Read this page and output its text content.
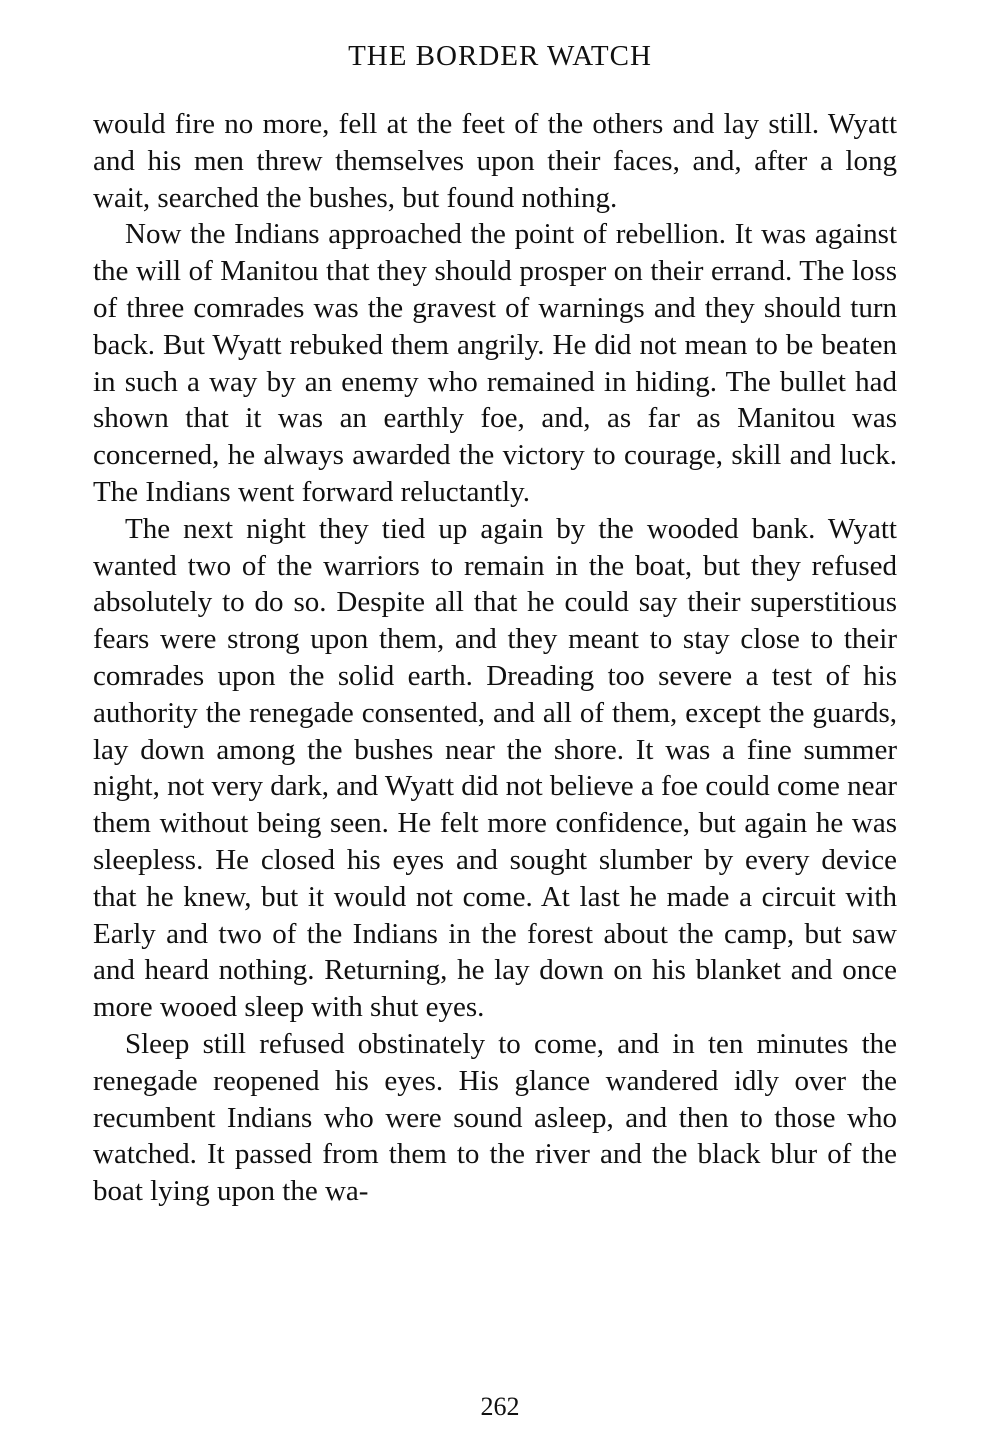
THE BORDER WATCH

would fire no more, fell at the feet of the others and lay still. Wyatt and his men threw themselves upon their faces, and, after a long wait, searched the bushes, but found nothing.

Now the Indians approached the point of rebellion. It was against the will of Manitou that they should prosper on their errand. The loss of three comrades was the gravest of warnings and they should turn back. But Wyatt rebuked them angrily. He did not mean to be beaten in such a way by an enemy who remained in hiding. The bullet had shown that it was an earthly foe, and, as far as Manitou was concerned, he always awarded the victory to courage, skill and luck. The Indians went forward reluctantly.

The next night they tied up again by the wooded bank. Wyatt wanted two of the warriors to remain in the boat, but they refused absolutely to do so. Despite all that he could say their superstitious fears were strong upon them, and they meant to stay close to their comrades upon the solid earth. Dreading too severe a test of his authority the renegade consented, and all of them, except the guards, lay down among the bushes near the shore. It was a fine summer night, not very dark, and Wyatt did not believe a foe could come near them without being seen. He felt more confidence, but again he was sleepless. He closed his eyes and sought slumber by every device that he knew, but it would not come. At last he made a circuit with Early and two of the Indians in the forest about the camp, but saw and heard nothing. Returning, he lay down on his blanket and once more wooed sleep with shut eyes.

Sleep still refused obstinately to come, and in ten minutes the renegade reopened his eyes. His glance wandered idly over the recumbent Indians who were sound asleep, and then to those who watched. It passed from them to the river and the black blur of the boat lying upon the wa-

262
